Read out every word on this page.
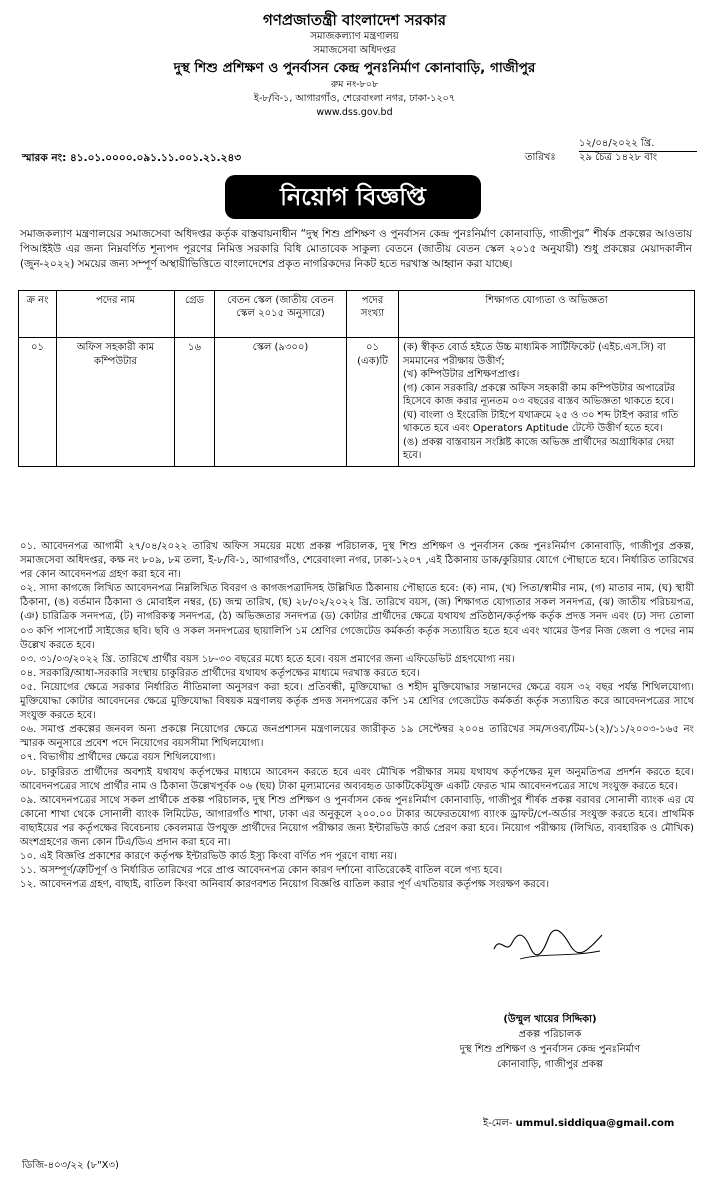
গণপ্রজাতন্ত্রী বাংলাদেশ সরকার
সমাজকল্যাণ মন্ত্রণালয়
সমাজসেবা অধিদপ্তর
দুস্থ শিশু প্রশিক্ষণ ও পুনর্বাসন কেন্দ্র পুনঃনির্মাণ কোনাবাড়ি, গাজীপুর
রুম নং-৮০৮
ই-৮/বি-১, আগারগাঁও, শেরেবাংলা নগর, ঢাকা-১২০৭
www.dss.gov.bd
স্মারক নং: ৪১.০১.০০০০.০৯১.১১.০০১.২১.২৪৩
১২/০৪/২০২২ খ্রি.
তারিখঃ ২৯ চৈত্র ১৪২৮ বাং
নিয়োগ বিজ্ঞপ্তি
সমাজকল্যাণ মন্ত্রণালয়ের সমাজসেবা অধিদপ্তর কর্তৃক বাস্তবায়নাধীন “দুস্থ শিশু প্রশিক্ষণ ও পুনর্বাসন কেন্দ্র পুনঃনির্মাণ কোনাবাড়ি, গাজীপুর” শীর্ষক প্রকল্পের আওতায় পিআইইউ এর জন্য নিম্নবর্ণিত শূন্যপদ পূরণের নিমিত্ত সরকারি বিধি মোতাবেক সাকুল্য বেতনে (জাতীয় বেতন স্কেল ২০১৫ অনুযায়ী) শুধু প্রকল্পের মেয়াদকালীন (জুন-২০২২) সময়ের জন্য সম্পূর্ণ অস্থায়ীভিত্তিতে বাংলাদেশের প্রকৃত নাগরিকদের নিকট হতে দরখাস্ত আহ্বান করা যাচ্ছে।
ক্র নং	পদের নাম	গ্রেড	বেতন স্কেল (জাতীয় বেতন স্কেল ২০১৫ অনুসারে)	পদের সংখ্যা	শিক্ষাগত যোগ্যতা ও অভিজ্ঞতা
০১	অফিস সহকারী কাম কম্পিউটার	১৬	স্কেল (৯৩০০)	০১ (এক)টি	(ক) স্বীকৃত বোর্ড হইতে উচ্চ মাধ্যমিক সার্টিফিকেট (এইচ.এস.সি) বা সমমানের পরীক্ষায় উত্তীর্ণ;
(খ) কম্পিউটার প্রশিক্ষণপ্রাপ্ত।
(গ) কোন সরকারি/ প্রকল্পে অফিস সহকারী কাম কম্পিউটার অপারেটর হিসেবে কাজ করার ন্যূনতম ০৩ বছরের বাস্তব অভিজ্ঞতা থাকতে হবে।
(ঘ) বাংলা ও ইংরেজি টাইপে যথাক্রমে ২৫ ও ৩০ শব্দ টাইপ করার গতি থাকতে হবে এবং Operators Aptitude টেস্টে উত্তীর্ণ হতে হবে।
(ঙ) প্রকল্প বাস্তবায়ন সংশ্লিষ্ট কাজে অভিজ্ঞ প্রার্থীদের অগ্রাধিকার দেয়া হবে।

০১. আবেদনপত্র আগামী ২৭/০৪/২০২২ তারিখ অফিস সময়ের মধ্যে প্রকল্প পরিচালক, দুস্থ শিশু প্রশিক্ষণ ও পুনর্বাসন কেন্দ্র পুনঃনির্মাণ কোনাবাড়ি, গাজীপুর প্রকল্প, সমাজসেবা অধিদপ্তর, কক্ষ নং ৮০৯, ৮ম তলা, ই-৮/বি-১, আগারগাঁও, শেরেবাংলা নগর, ঢাকা-১২০৭ ,এই ঠিকানায় ডাক/কুরিয়ার যোগে পৌছাতে হবে। নির্ধারিত তারিখের পর কোন আবেদনপত্র গ্রহণ করা হবে না।

০২. সাদা কাগজে লিখিত আবেদনপত্র নিম্নলিখিত বিবরণ ও কাগজপত্রাদিসহ উল্লিখিত ঠিকানায় পৌছাতে হবে: (ক) নাম, (খ) পিতা/স্বামীর নাম, (গ) মাতার নাম, (ঘ) স্থায়ী ঠিকানা, (ঙ) বর্তমান ঠিকানা ও মোবাইল নম্বর, (চ) জন্ম তারিখ, (ছ) ২৮/০২/২০২২ খ্রি. তারিখে বয়স, (জ) শিক্ষাগত যোগ্যতার সকল সনদপত্র, (ঝ) জাতীয় পরিচয়পত্র, (ঞ) চারিত্রিক সনদপত্র, (ট) নাগরিকত্ব সনদপত্র, (ঠ) অভিজ্ঞতার সনদপত্র (ড) কোটার প্রার্থীদের ক্ষেত্রে যথাযথ প্রতিষ্ঠান/কর্তৃপক্ষ কর্তৃক প্রদত্ত সনদ এবং (ঢ) সদ্য তোলা ০৩ কপি পাসপোর্ট সাইজের ছবি। ছবি ও সকল সনদপত্রের ছায়ালিপি ১ম শ্রেণির গেজেটেড কর্মকর্তা কর্তৃক সত্যায়িত হতে হবে এবং খামের উপর নিজ জেলা ও পদের নাম উল্লেখ করতে হবে।

০৩. ৩১/০৩/২০২২ খ্রি. তারিখে প্রার্থীর বয়স ১৮-৩০ বছরের মধ্যে হতে হবে। বয়স প্রমাণের জন্য এফিডেভিট গ্রহণযোগ্য নয়।

০৪. সরকারি/আধা-সরকারি সংস্থায় চাকুরিরত প্রার্থীদের যথাযথ কর্তৃপক্ষের মাধ্যমে দরখাস্ত করতে হবে।

০৫. নিয়োগের ক্ষেত্রে সরকার নির্ধারিত নীতিমালা অনুসরণ করা হবে। প্রতিবন্ধী, মুক্তিযোদ্ধা ও শহীদ মুক্তিযোদ্ধার সন্তানদের ক্ষেত্রে বয়স ৩২ বছর পর্যন্ত শিথিলযোগ্য। মুক্তিযোদ্ধা কোটার আবেদনের ক্ষেত্রে মুক্তিযোদ্ধা বিষয়ক মন্ত্রণালয় কর্তৃক প্রদত্ত সনদপত্রের কপি ১ম শ্রেণির গেজেটেড কর্মকর্তা কর্তৃক সত্যায়িত করে আবেদনপত্রের সাথে সংযুক্ত করতে হবে।

০৬. সমাপ্ত প্রকল্পের জনবল অন্য প্রকল্পে নিয়োগের ক্ষেত্রে জনপ্রশাসন মন্ত্রণালয়ের জারীকৃত ১৯ সেপ্টেম্বর ২০০৪ তারিখের সম/সওব্য/টিম-১(২)/১১/২০০৩-১৬৫ নং স্মারক অনুসারে প্রবেশ পদে নিয়োগের বয়সসীমা শিথিলযোগ্য।

০৭. বিভাগীয় প্রার্থীদের ক্ষেত্রে বয়স শিথিলযোগ্য।

০৮. চাকুরিরত প্রার্থীদের অবশ্যই যথাযথ কর্তৃপক্ষের মাধ্যমে আবেদন করতে হবে এবং মৌখিক পরীক্ষার সময় যথাযথ কর্তৃপক্ষের মূল অনুমতিপত্র প্রদর্শন করতে হবে। আবেদনপত্রের সাথে প্রার্থীর নাম ও ঠিকানা উল্লেখপূর্বক ০৬ (ছয়) টাকা মূল্যমানের অব্যবহৃত ডাকটিকেটযুক্ত একটি ফেরত খাম আবেদনপত্রের সাথে সংযুক্ত করতে হবে।

০৯. আবেদনপত্রের সাথে সকল প্রার্থীকে প্রকল্প পরিচালক, দুস্থ শিশু প্রশিক্ষণ ও পুনর্বাসন কেন্দ্র পুনঃনির্মাণ কোনাবাড়ি, গাজীপুর শীর্ষক প্রকল্প বরাবর সোনালী ব্যাংক এর যে কোনো শাখা থেকে সোনালী ব্যাংক লিমিটেড, আগারগাঁও শাখা, ঢাকা এর অনুকূলে ২০০.০০ টাকার অফেরতযোগ্য ব্যাংক ড্রাফট/পে-অর্ডার সংযুক্ত করতে হবে। প্রাথমিক বাছাইয়ের পর কর্তৃপক্ষের বিবেচনায় কেবলমাত্র উপযুক্ত প্রার্থীদের নিয়োগ পরীক্ষার জন্য ইন্টারভিউ কার্ড প্রেরণ করা হবে। নিয়োগ পরীক্ষায় (লিখিত, ব্যবহারিক ও মৌখিক) অংশগ্রহণের জন্য কোন টিএ/ডিএ প্রদান করা হবে না।

১০. এই বিজ্ঞপ্তি প্রকাশের কারণে কর্তৃপক্ষ ইন্টারভিউ কার্ড ইস্যু কিংবা বর্ণিত পদ পূরণে বাধ্য নয়।

১১. অসম্পূর্ণ/ত্রুটিপূর্ণ ও নির্ধারিত তারিখের পরে প্রাপ্ত আবেদনপত্র কোন কারণ দর্শানো ব্যতিরেকেই বাতিল বলে গণ্য হবে।

১২. আবেদনপত্র গ্রহণ, বাছাই, বাতিল কিংবা অনিবার্য কারণবশত নিয়োগ বিজ্ঞপ্তি বাতিল করার পূর্ণ এখতিয়ার কর্তৃপক্ষ সংরক্ষণ করবে।

(উম্মুল খায়ের সিদ্দিকা)
প্রকল্প পরিচালক
দুস্থ শিশু প্রশিক্ষণ ও পুনর্বাসন কেন্দ্র পুনঃনির্মাণ
কোনাবাড়ি, গাজীপুর প্রকল্প
ই-মেল- ummul.siddiqua@gmail.com
ডিজি-৪০৩/২২ (৮"X৩)
